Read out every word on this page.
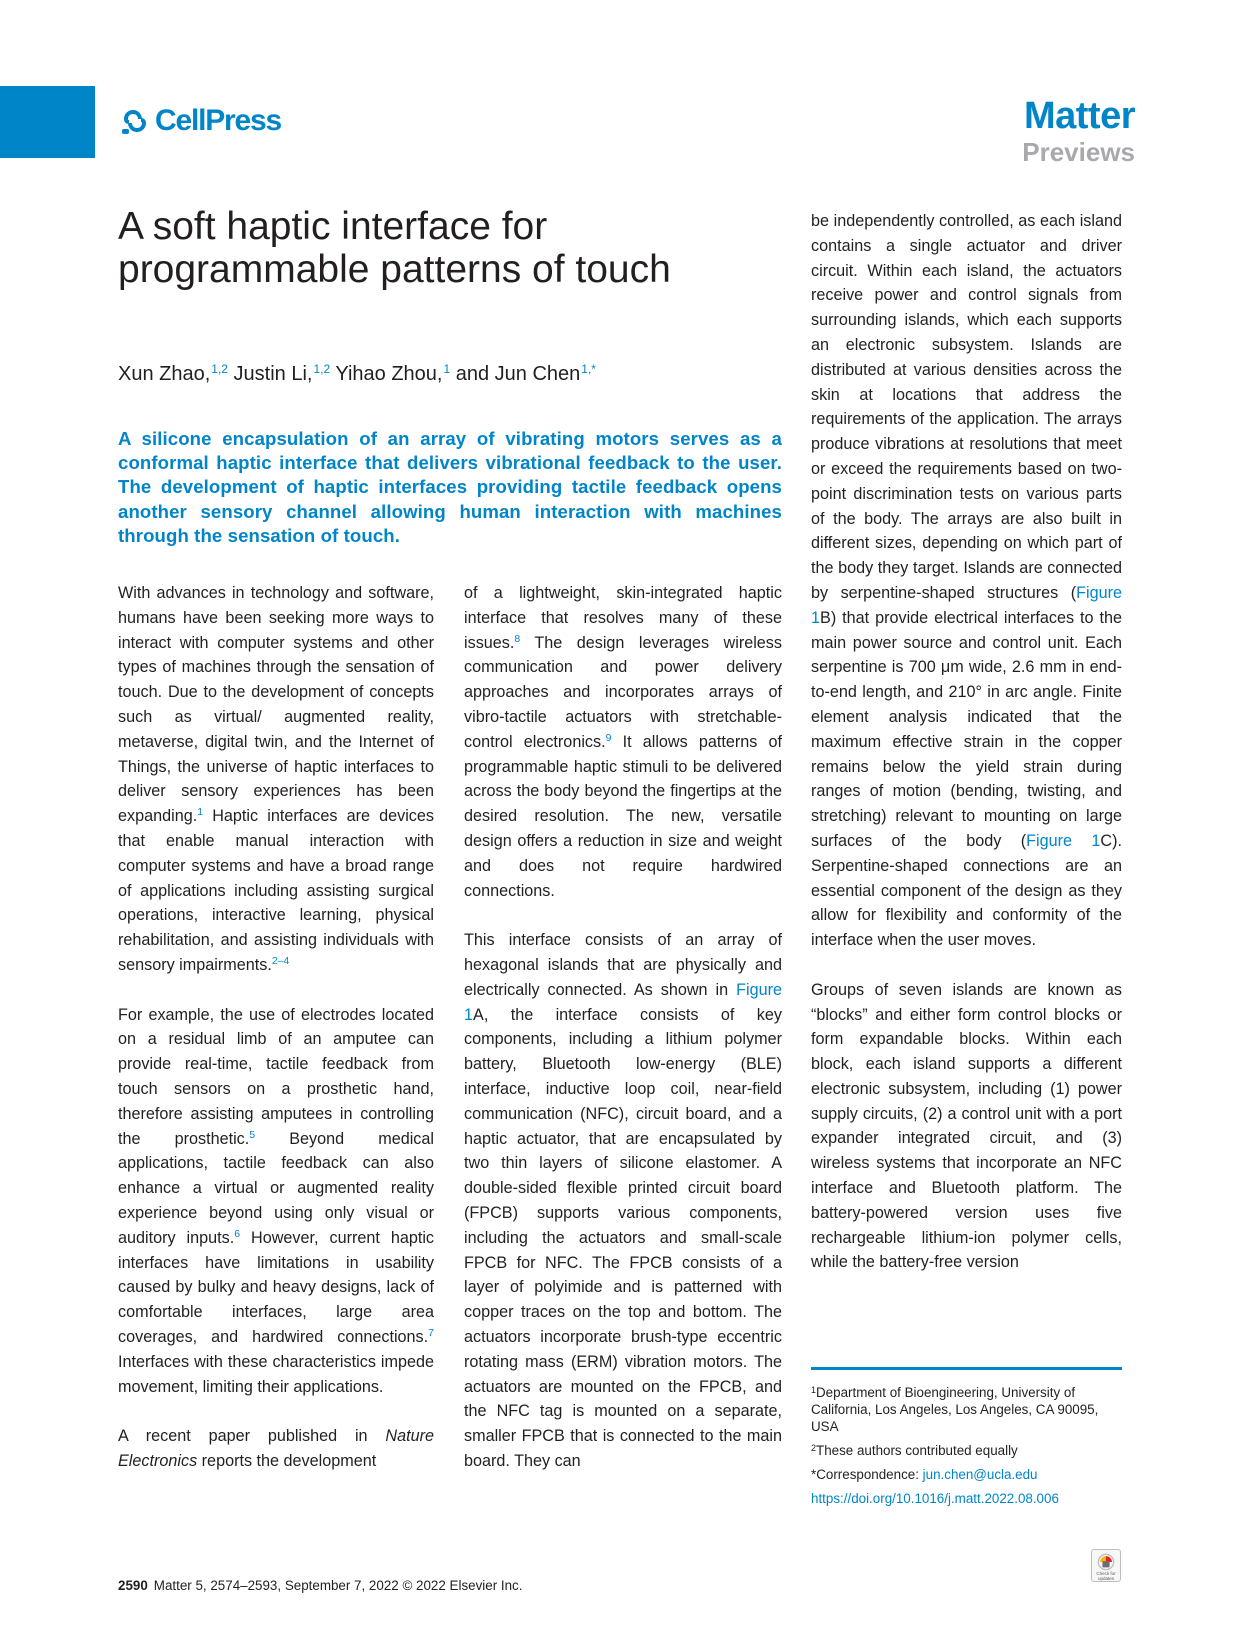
CellPress	Matter
Previews
A soft haptic interface for programmable patterns of touch
Xun Zhao,$^{1,2}$ Justin Li,$^{1,2}$ Yihao Zhou,$^1$ and Jun Chen$^{1,*}$

A silicone encapsulation of an array of vibrating motors serves as a conformal haptic interface that delivers vibrational feedback to the user. The development of haptic interfaces providing tactile feedback opens another sensory channel allowing human interaction with machines through the sensation of touch.

With advances in technology and software, humans have been seeking more ways to interact with computer systems and other types of machines through the sensation of touch. Due to the development of concepts such as virtual/ augmented reality, metaverse, digital twin, and the Internet of Things, the universe of haptic interfaces to deliver sensory experiences has been expanding.$^1$ Haptic interfaces are devices that enable manual interaction with computer systems and have a broad range of applications including assisting surgical operations, interactive learning, physical rehabilitation, and assisting individuals with sensory impairments.$^{2-4}$

For example, the use of electrodes located on a residual limb of an amputee can provide real-time, tactile feedback from touch sensors on a prosthetic hand, therefore assisting amputees in controlling the prosthetic.$^5$ Beyond medical applications, tactile feedback can also enhance a virtual or augmented reality experience beyond using only visual or auditory inputs.$^6$ However, current haptic interfaces have limitations in usability caused by bulky and heavy designs, lack of comfortable interfaces, large area coverages, and hardwired connections.$^7$ Interfaces with these characteristics impede movement, limiting their applications.

A recent paper published in Nature Electronics reports the development

of a lightweight, skin-integrated haptic interface that resolves many of these issues.$^8$ The design leverages wireless communication and power delivery approaches and incorporates arrays of vibro-tactile actuators with stretchable-control electronics.$^9$ It allows patterns of programmable haptic stimuli to be delivered across the body beyond the fingertips at the desired resolution. The new, versatile design offers a reduction in size and weight and does not require hardwired connections.

This interface consists of an array of hexagonal islands that are physically and electrically connected. As shown in Figure 1A, the interface consists of key components, including a lithium polymer battery, Bluetooth low-energy (BLE) interface, inductive loop coil, near-field communication (NFC), circuit board, and a haptic actuator, that are encapsulated by two thin layers of silicone elastomer. A double-sided flexible printed circuit board (FPCB) supports various components, including the actuators and small-scale FPCB for NFC. The FPCB consists of a layer of polyimide and is patterned with copper traces on the top and bottom. The actuators incorporate brush-type eccentric rotating mass (ERM) vibration motors. The actuators are mounted on the FPCB, and the NFC tag is mounted on a separate, smaller FPCB that is connected to the main board. They can

be independently controlled, as each island contains a single actuator and driver circuit. Within each island, the actuators receive power and control signals from surrounding islands, which each supports an electronic subsystem. Islands are distributed at various densities across the skin at locations that address the requirements of the application. The arrays produce vibrations at resolutions that meet or exceed the requirements based on two-point discrimination tests on various parts of the body. The arrays are also built in different sizes, depending on which part of the body they target. Islands are connected by serpentine-shaped structures (Figure 1B) that provide electrical interfaces to the main power source and control unit. Each serpentine is 700 μm wide, 2.6 mm in end-to-end length, and 210° in arc angle. Finite element analysis indicated that the maximum effective strain in the copper remains below the yield strain during ranges of motion (bending, twisting, and stretching) relevant to mounting on large surfaces of the body (Figure 1C). Serpentine-shaped connections are an essential component of the design as they allow for flexibility and conformity of the interface when the user moves.

Groups of seven islands are known as “blocks” and either form control blocks or form expandable blocks. Within each block, each island supports a different electronic subsystem, including (1) power supply circuits, (2) a control unit with a port expander integrated circuit, and (3) wireless systems that incorporate an NFC interface and Bluetooth platform. The battery-powered version uses five rechargeable lithium-ion polymer cells, while the battery-free version

$^1$Department of Bioengineering, University of California, Los Angeles, Los Angeles, CA 90095, USA

$^2$These authors contributed equally

*Correspondence: jun.chen@ucla.edu

https://doi.org/10.1016/j.matt.2022.08.006

2590 Matter 5, 2574–2593, September 7, 2022 © 2022 Elsevier Inc.
Check for updates
